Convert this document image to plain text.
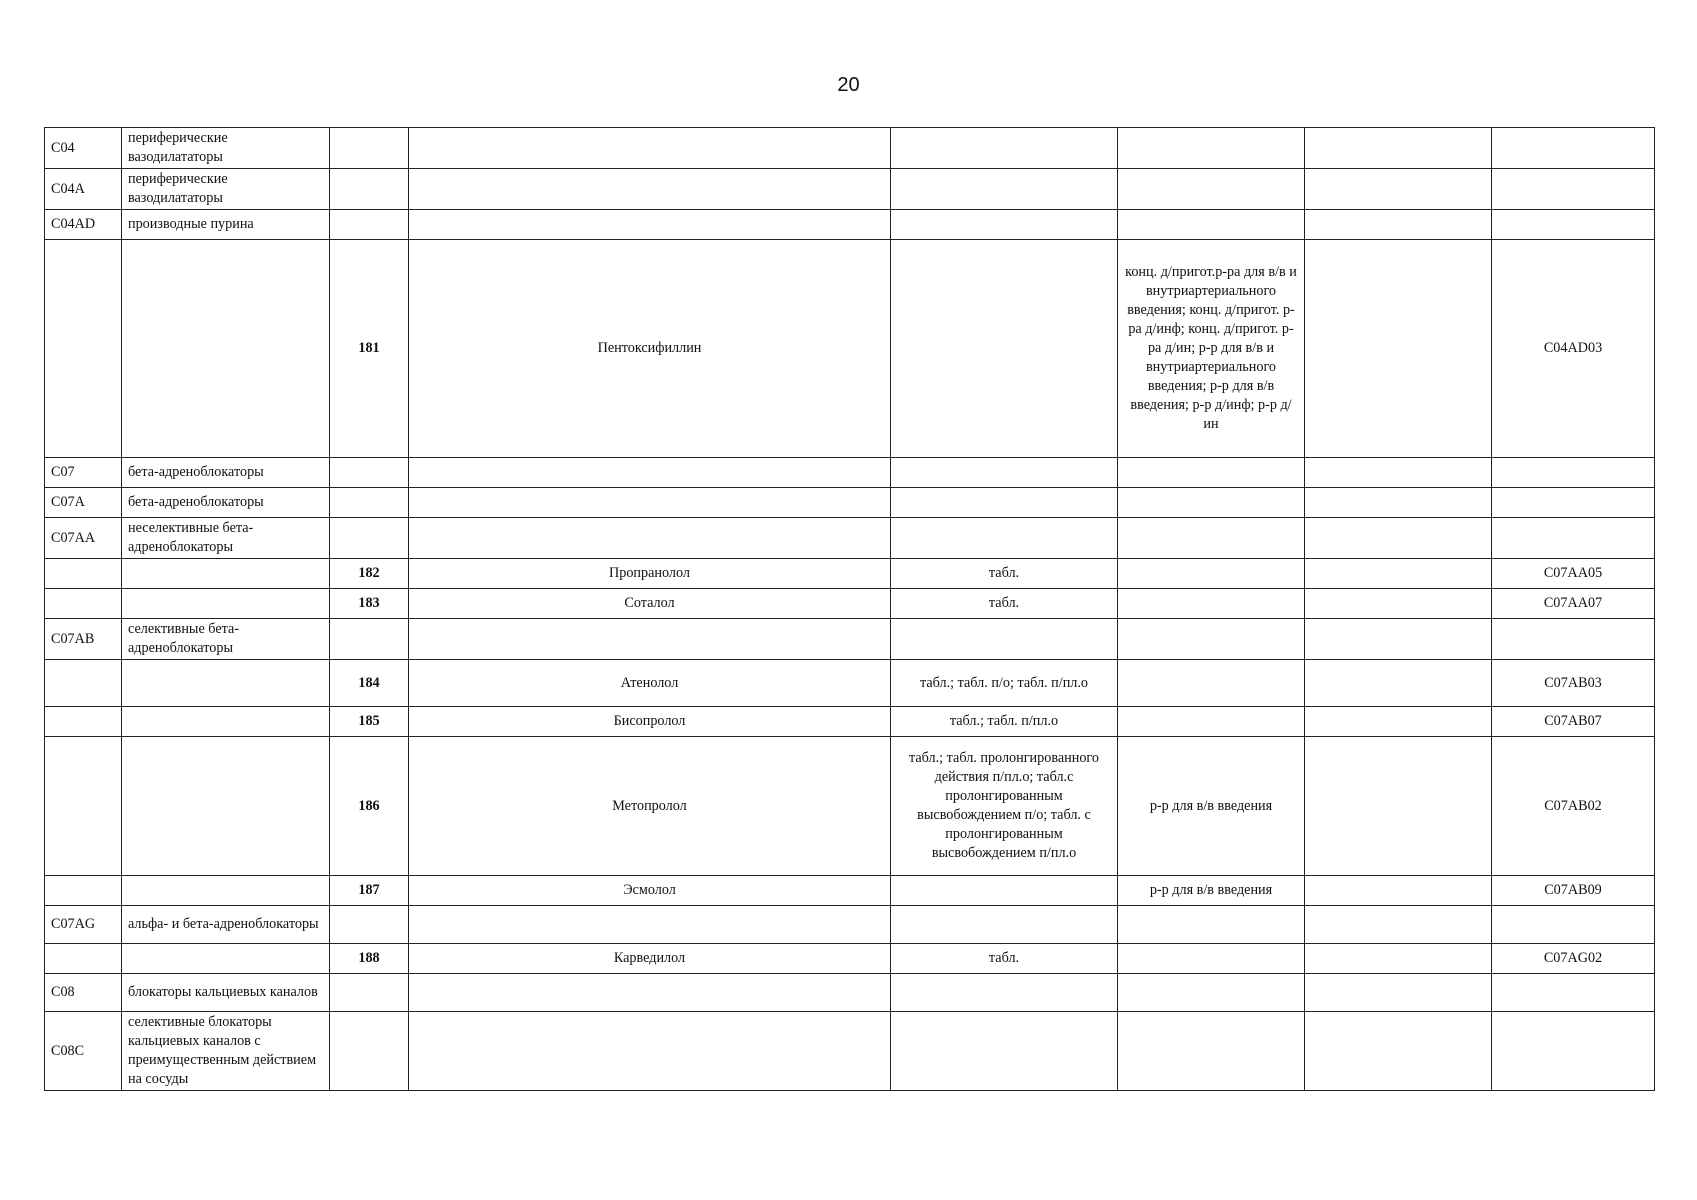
20
C04	периферические вазодилататоры						
C04A	периферические вазодилататоры						
C04AD	производные пурина						
		181	Пентоксифиллин		конц. д/пригот.р-ра для в/в и внутриартериального введения; конц. д/пригот. р-ра д/инф; конц. д/пригот. р-ра д/ин; р-р для в/в и внутриартериального введения; р-р для в/в введения; р-р д/инф; р-р д/ин		C04AD03
C07	бета-адреноблокаторы						
C07A	бета-адреноблокаторы						
C07AA	неселективные бета-адреноблокаторы						
		182	Пропранолол	табл.			C07AA05
		183	Соталол	табл.			C07AA07
C07AB	селективные бета-адреноблокаторы						
		184	Атенолол	табл.; табл. п/о; табл. п/пл.о			C07AB03
		185	Бисопролол	табл.; табл. п/пл.о			C07AB07
		186	Метопролол	табл.; табл. пролонгированного действия п/пл.о; табл.с пролонгированным высвобождением п/о; табл. с пролонгированным высвобождением п/пл.о	р-р для в/в введения		C07AB02
		187	Эсмолол		р-р для в/в введения		C07AB09
C07AG	альфа- и бета-адреноблокаторы						
		188	Карведилол	табл.			C07AG02
C08	блокаторы кальциевых каналов						
C08C	селективные блокаторы кальциевых каналов с преимущественным действием на сосуды						
